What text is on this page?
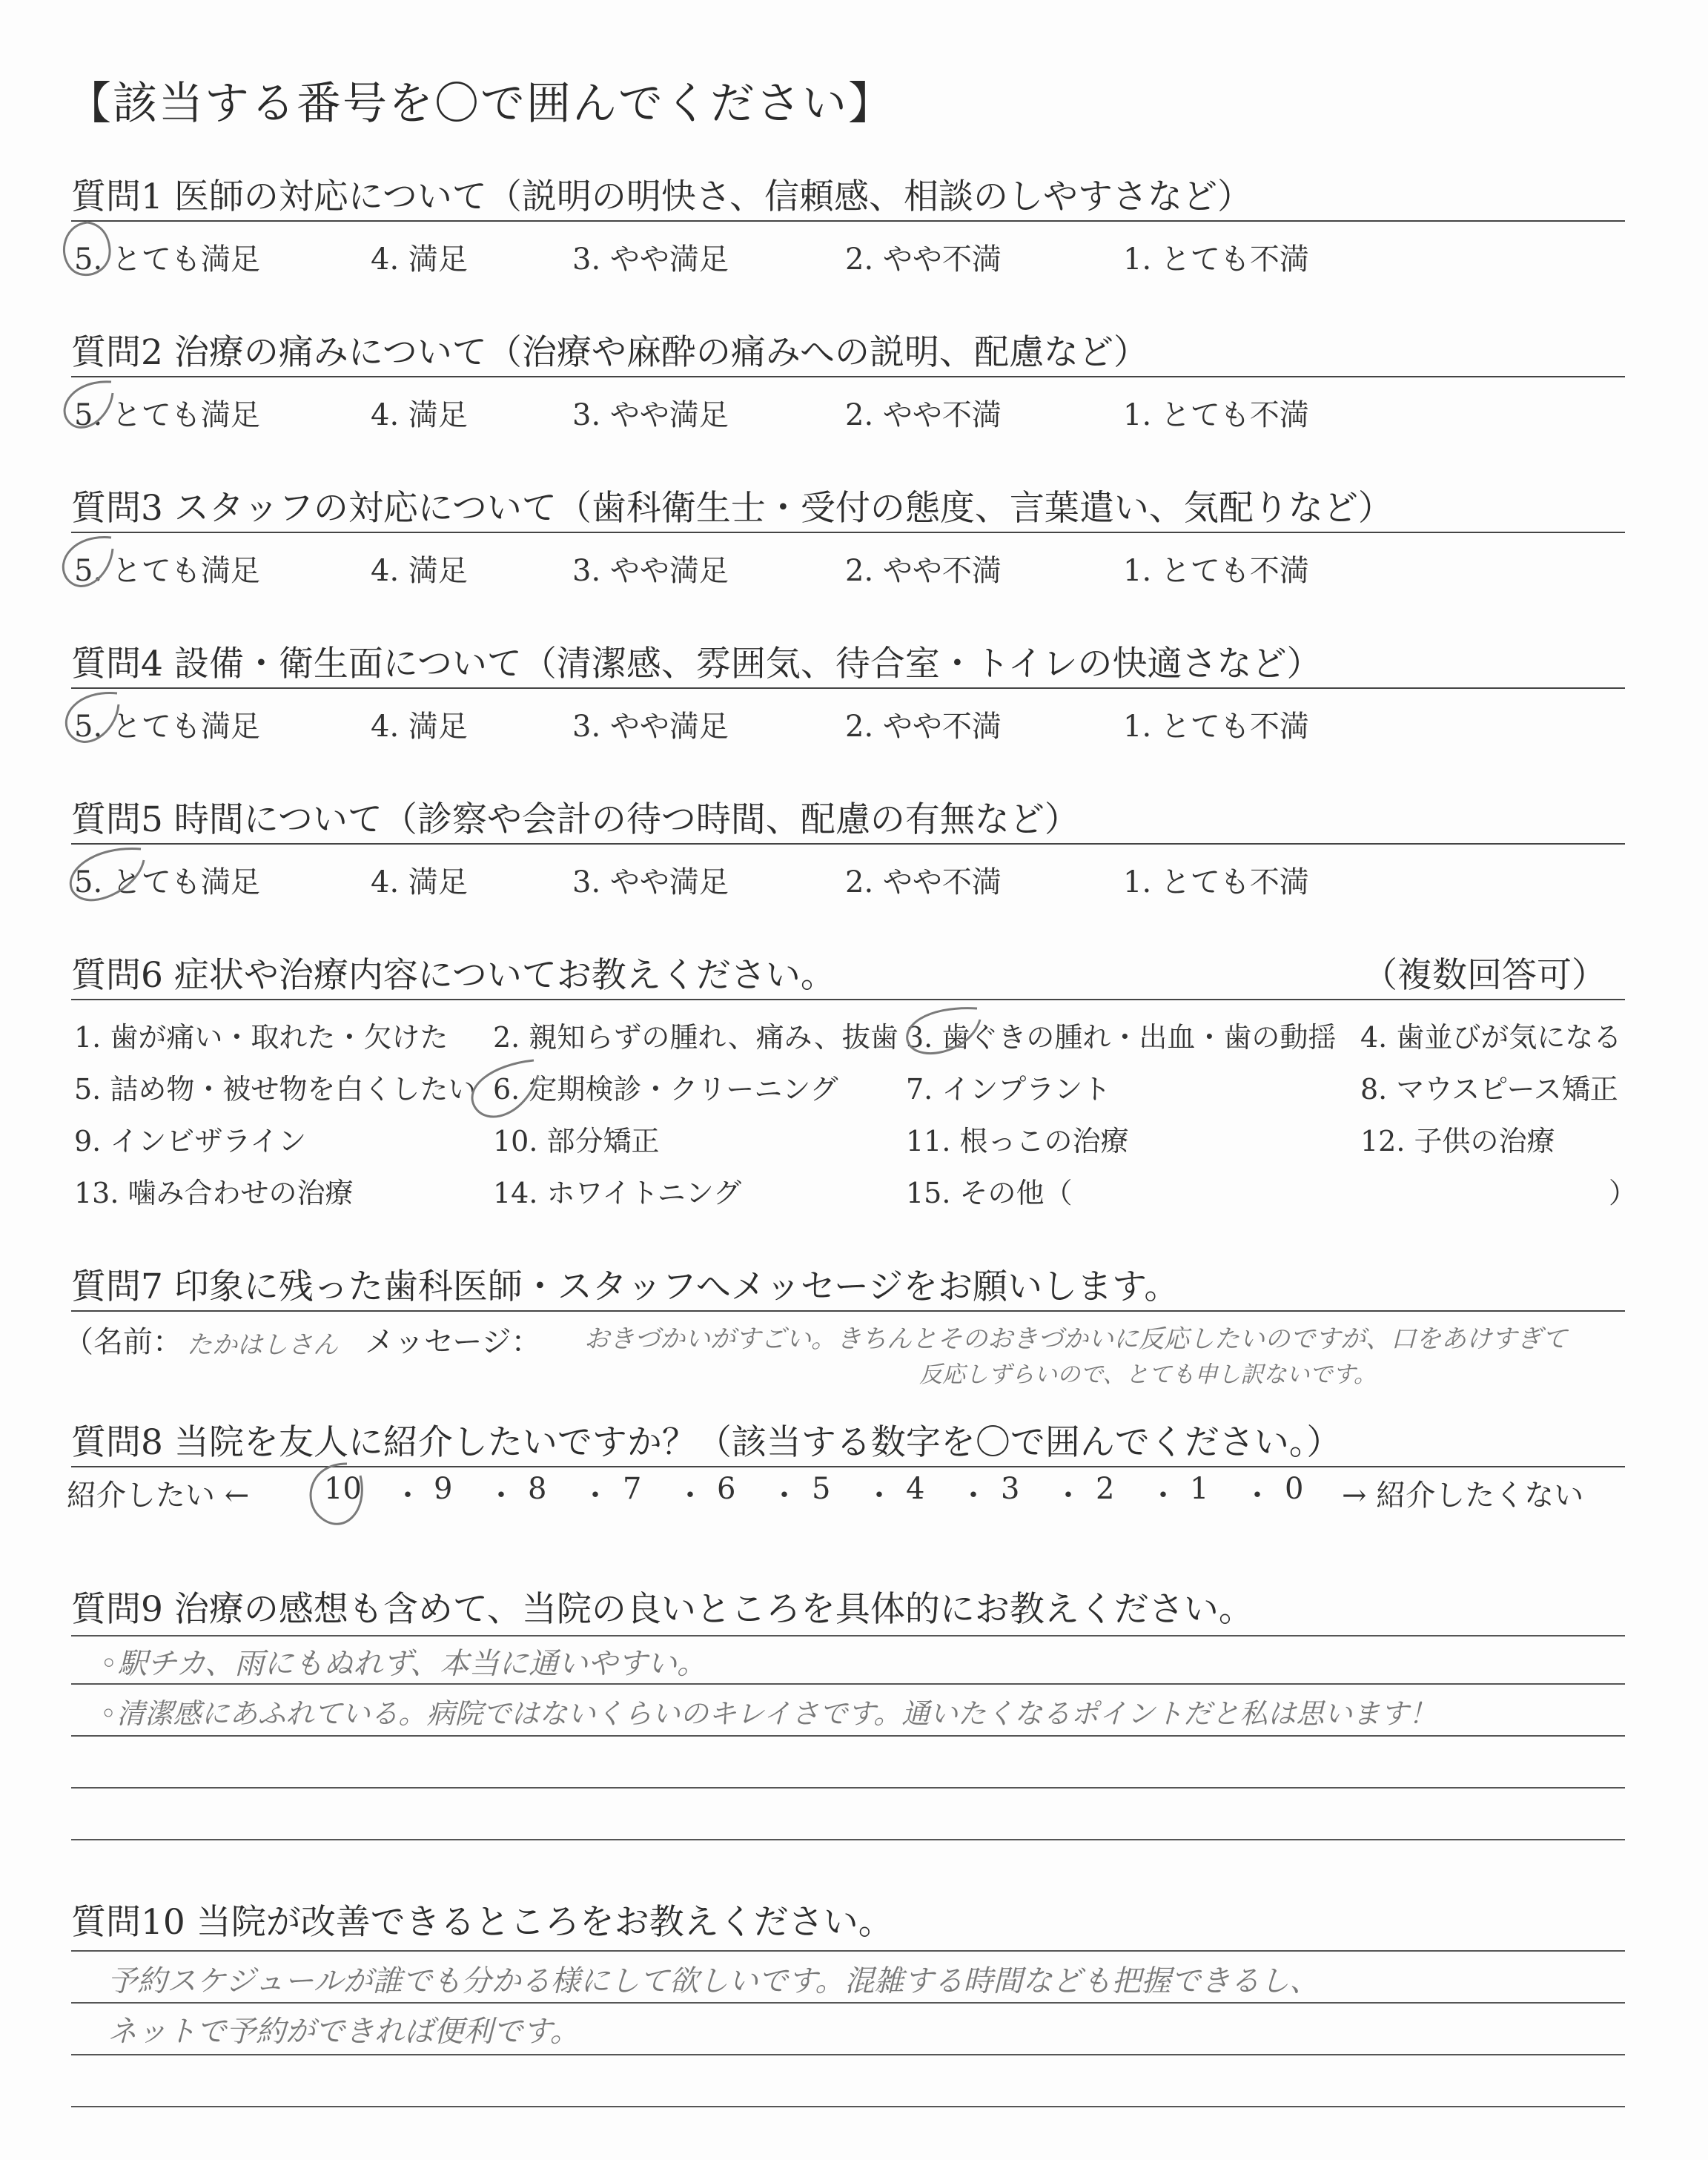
【該当する番号を〇で囲んでください】
質問1 医師の対応について（説明の明快さ、信頼感、相談のしやすさなど）
5. とても満足	4. 満足	3. やや満足	2. やや不満	1. とても不満
質問2 治療の痛みについて（治療や麻酔の痛みへの説明、配慮など）
5. とても満足	4. 満足	3. やや満足	2. やや不満	1. とても不満
質問3 スタッフの対応について（歯科衛生士・受付の態度、言葉遣い、気配りなど）
5. とても満足	4. 満足	3. やや満足	2. やや不満	1. とても不満
質問4 設備・衛生面について（清潔感、雰囲気、待合室・トイレの快適さなど）
5. とても満足	4. 満足	3. やや満足	2. やや不満	1. とても不満
質問5 時間について（診察や会計の待つ時間、配慮の有無など）
5. とても満足	4. 満足	3. やや満足	2. やや不満	1. とても不満
質問6 症状や治療内容についてお教えください。	（複数回答可）
1. 歯が痛い・取れた・欠けた 2. 親知らずの腫れ、痛み、抜歯 3. 歯ぐきの腫れ・出血・歯の動揺 4. 歯並びが気になる
5. 詰め物・被せ物を白くしたい 6. 定期検診・クリーニング 7. インプラント	8. マウスピース矯正
9. インビザライン	10. 部分矯正	11. 根っこの治療	12. 子供の治療
13. 噛み合わせの治療	14. ホワイトニング	15. その他（	）
質問7 印象に残った歯科医師・スタッフへメッセージをお願いします。
（名前： たかはしさん メッセージ： おきづかいがすごい。きちんとそのおきづかいに反応したいのですが、口をあけすぎて
反応しずらいので、とても申し訳ないです。
質問8 当院を友人に紹介したいですか？（該当する数字を〇で囲んでください。）
紹介したい ←	10 ・ 9 ・ 8 ・ 7 ・ 6 ・ 5 ・ 4 ・ 3 ・ 2 ・ 1 ・ 0 → 紹介したくない
質問9 治療の感想も含めて、当院の良いところを具体的にお教えください。
◦駅チカ、雨にもぬれず、本当に通いやすい。
◦清潔感にあふれている。病院ではないくらいのキレイさです。通いたくなるポイントだと私は思います！
質問10 当院が改善できるところをお教えください。
予約スケジュールが誰でも分かる様にして欲しいです。混雑する時間なども把握できるし、
ネットで予約ができれば便利です。
